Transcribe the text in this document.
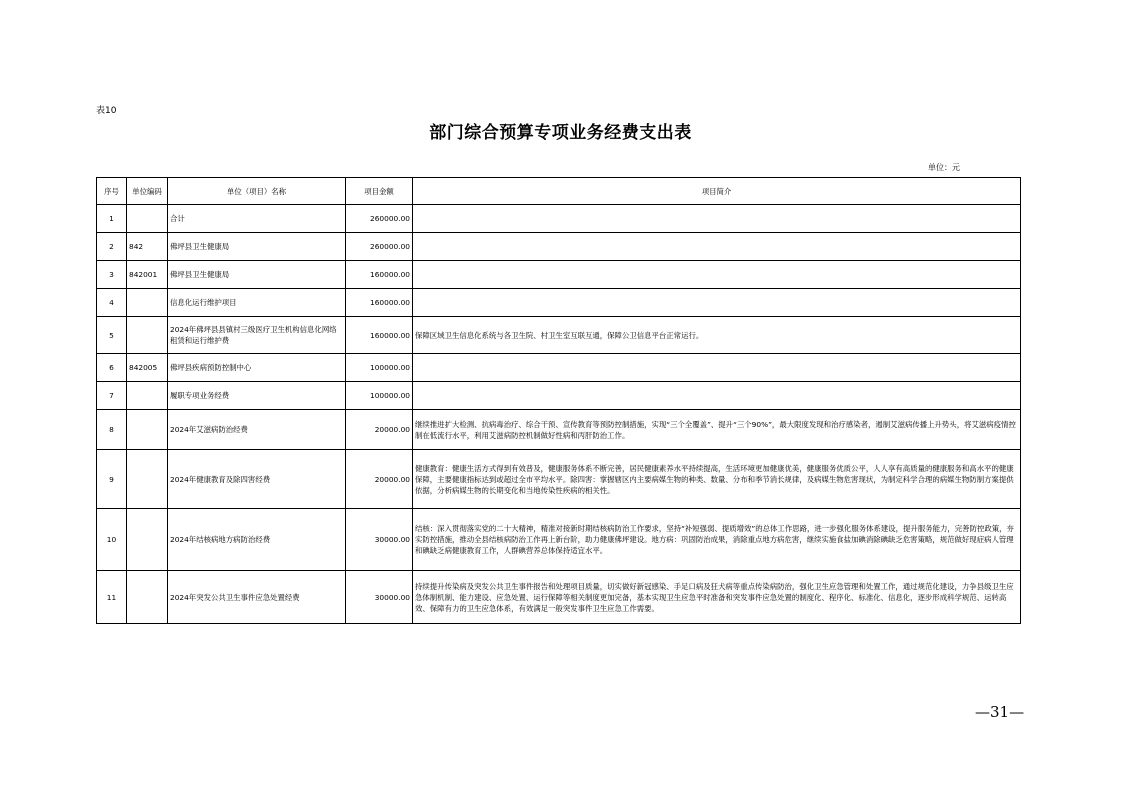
表10
部门综合预算专项业务经费支出表
单位：元
序号	单位编码	单位（项目）名称	项目金额	项目简介
1		合计	260000.00	
2	842	佛坪县卫生健康局	260000.00	
3	842001	佛坪县卫生健康局	160000.00	
4		信息化运行维护项目	160000.00	
5		2024年佛坪县县镇村三级医疗卫生机构信息化网络租赁和运行维护费	160000.00	保障区域卫生信息化系统与各卫生院、村卫生室互联互通，保障公卫信息平台正常运行。
6	842005	佛坪县疾病预防控制中心	100000.00	
7		履职专项业务经费	100000.00	
8		2024年艾滋病防治经费	20000.00	继续推进扩大检测、抗病毒治疗、综合干预、宣传教育等预防控制措施，实现“三个全覆盖”、提升“三个90%”，最大限度发现和治疗感染者，遏制艾滋病传播上升势头，将艾滋病疫情控制在低流行水平，利用艾滋病防控机制做好性病和丙肝防治工作。
9		2024年健康教育及除四害经费	20000.00	健康教育：健康生活方式得到有效普及，健康服务体系不断完善，居民健康素养水平持续提高，生活环境更加健康优美，健康服务优质公平，人人享有高质量的健康服务和高水平的健康保障，主要健康指标达到或超过全市平均水平。除四害：掌握辖区内主要病媒生物的种类、数量、分布和季节消长规律，及病媒生物危害现状，为制定科学合理的病媒生物防制方案提供依据，分析病媒生物的长期变化和当地传染性疾病的相关性。
10		2024年结核病地方病防治经费	30000.00	结核：深入贯彻落实党的二十大精神，精准对接新时期结核病防治工作要求，坚持“补短强弱、提质增效”的总体工作思路，进一步强化服务体系建设，提升服务能力，完善防控政策，夯实防控措施，推动全县结核病防治工作再上新台阶，助力健康佛坪建设。地方病：巩固防治成果，消除重点地方病危害，继续实施食盐加碘消除碘缺乏危害策略，规范做好现症病人管理和碘缺乏病健康教育工作，人群碘营养总体保持适宜水平。
11		2024年突发公共卫生事件应急处置经费	30000.00	持续提升传染病及突发公共卫生事件报告和处理项目质量，切实做好新冠感染、手足口病及狂犬病等重点传染病防治，强化卫生应急管理和处置工作，通过规范化建设，力争县级卫生应急体制机制、能力建设、应急处置、运行保障等相关制度更加完备，基本实现卫生应急平时准备和突发事件应急处置的制度化、程序化、标准化、信息化，逐步形成科学规范、运转高效、保障有力的卫生应急体系，有效满足一般突发事件卫生应急工作需要。
—31—
